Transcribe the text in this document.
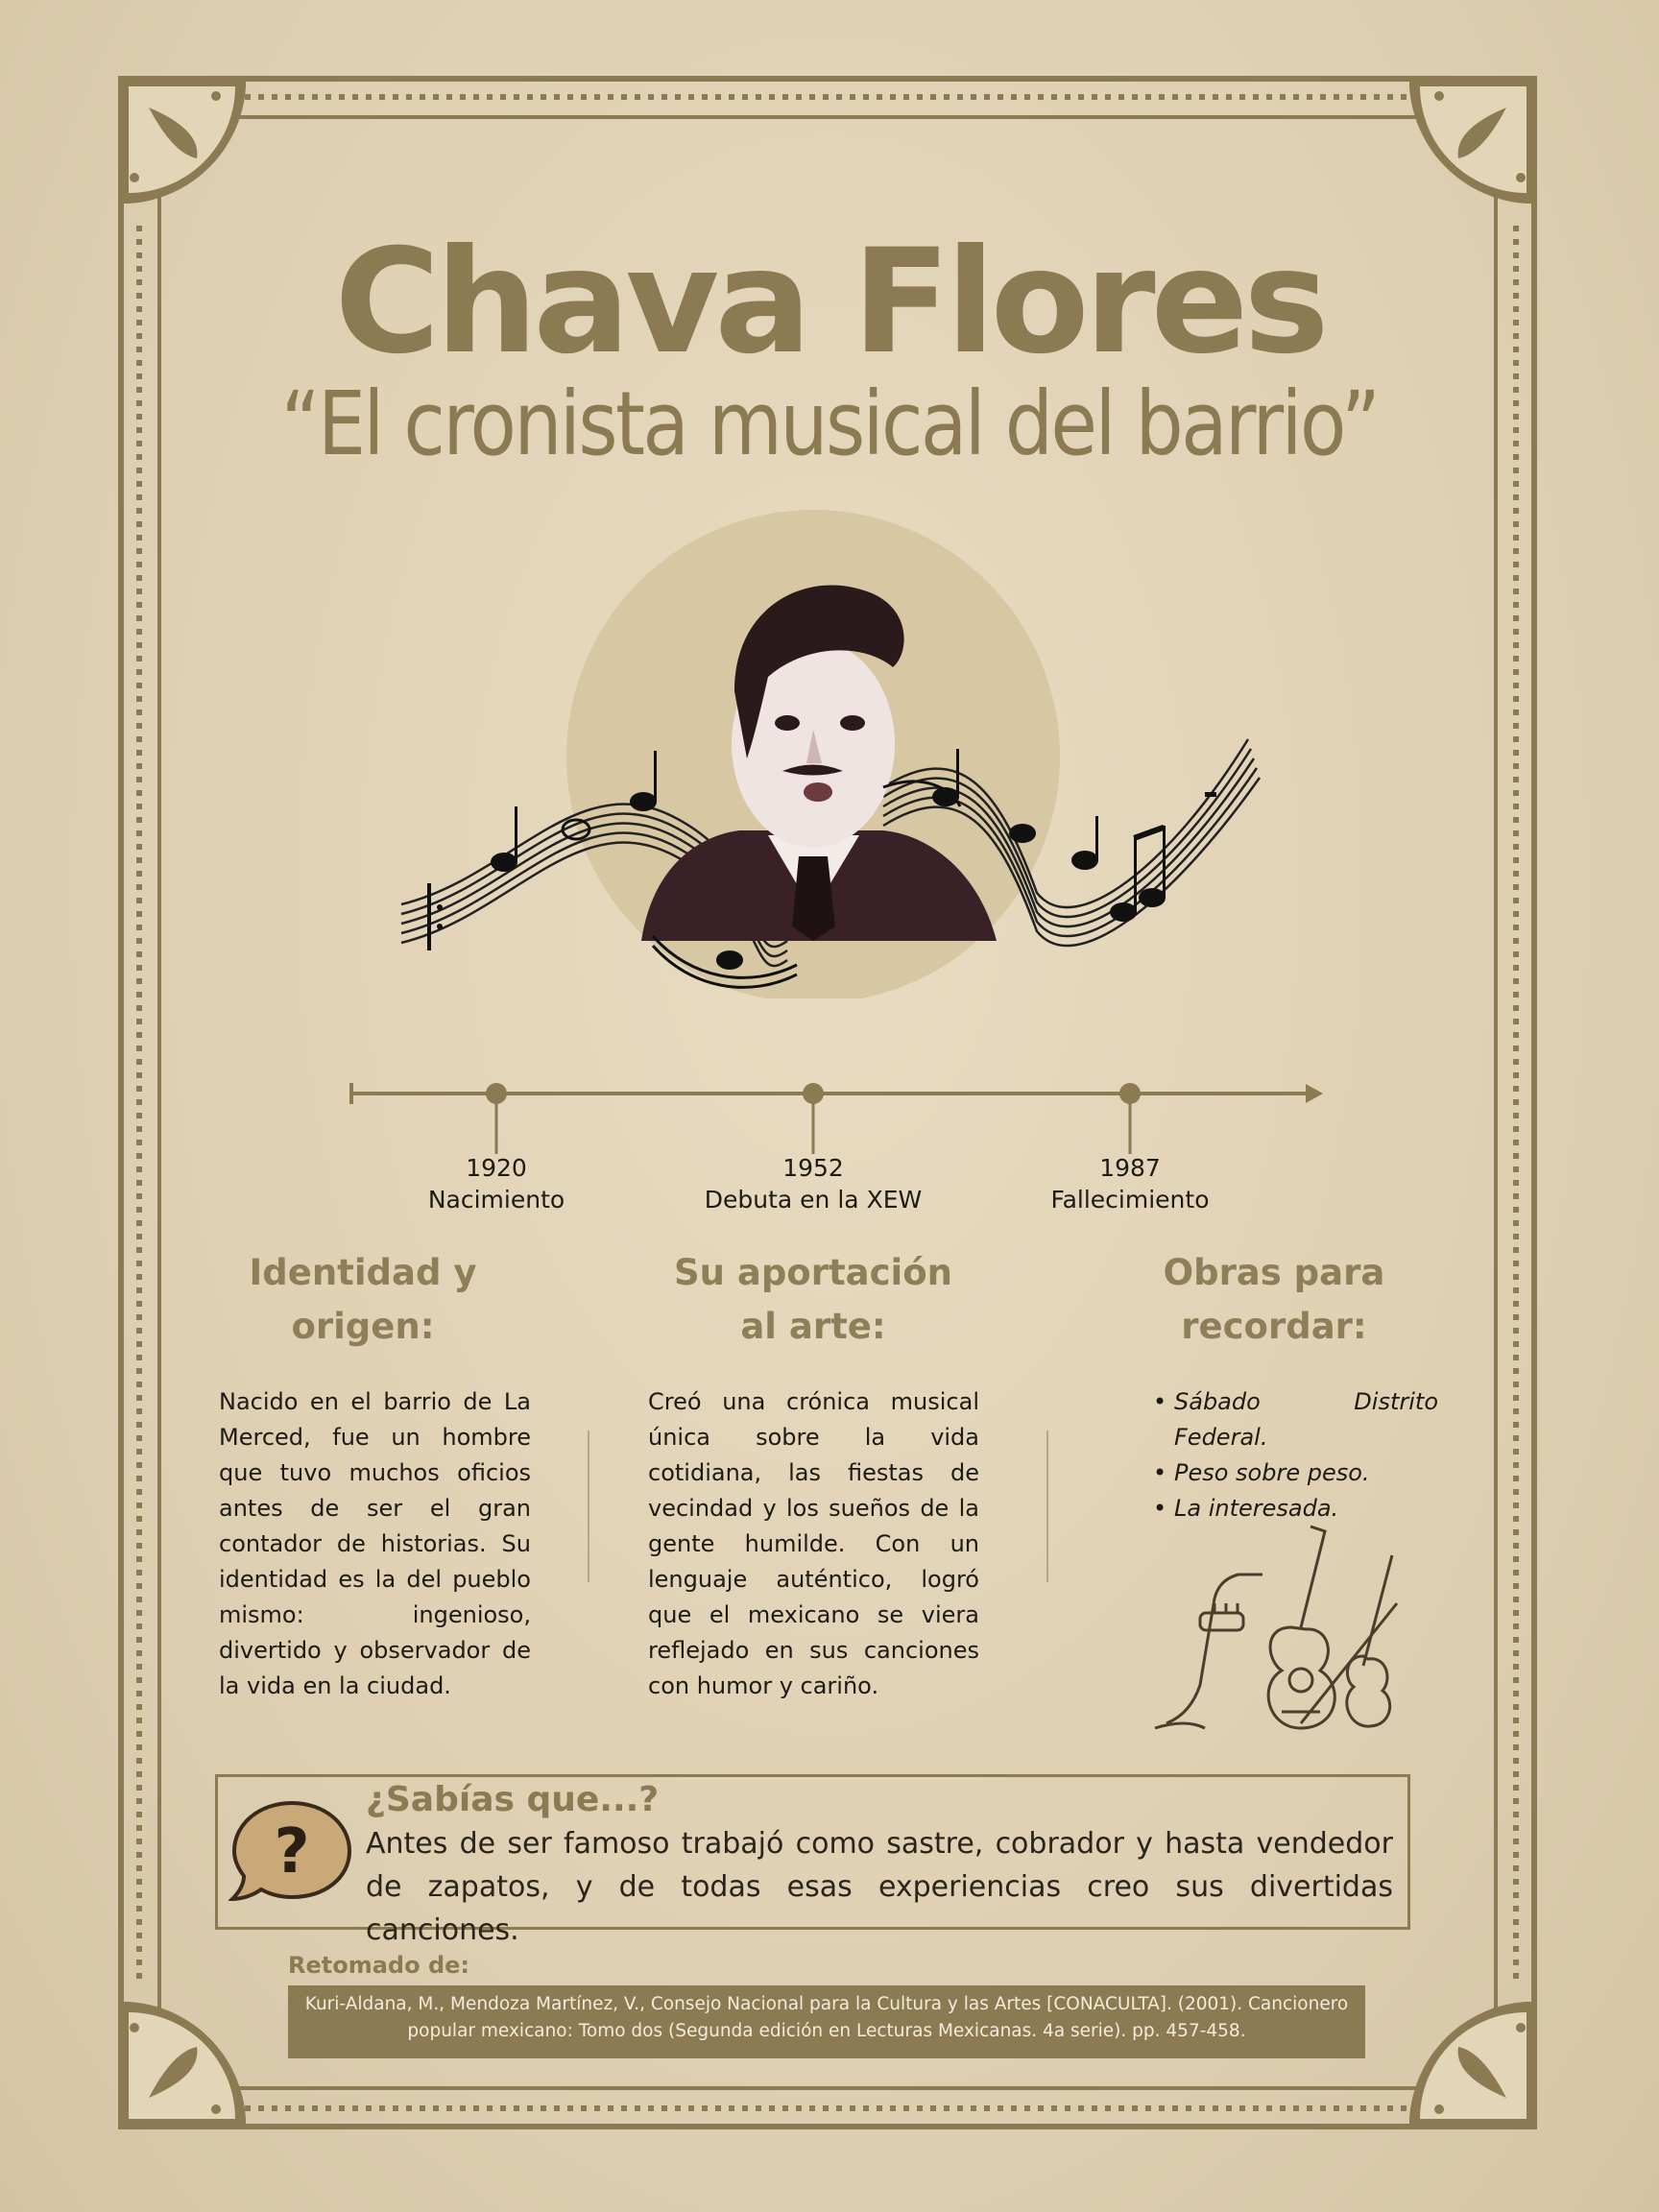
Chava Flores
“El cronista musical del barrio”
1920
Nacimiento
1952
Debuta en la XEW
1987
Fallecimiento
Identidad y
origen:
Nacido en el barrio de La Merced, fue un hombre que tuvo muchos oficios antes de ser el gran contador de historias. Su identidad es la del pueblo mismo: ingenioso, divertido y observador de la vida en la ciudad.
Su aportación
al arte:
Creó una crónica musical única sobre la vida cotidiana, las fiestas de vecindad y los sueños de la gente humilde. Con un lenguaje auténtico, logró que el mexicano se viera reflejado en sus canciones con humor y cariño.
Obras para
recordar:
• Sábado Distrito Federal.
• Peso sobre peso.
• La interesada.
?
¿Sabías que...?
Antes de ser famoso trabajó como sastre, cobrador y hasta vendedor de zapatos, y de todas esas experiencias creo sus divertidas canciones.
Retomado de:
Kuri-Aldana, M., Mendoza Martínez, V., Consejo Nacional para la Cultura y las Artes [CONACULTA]. (2001). Cancionero popular mexicano: Tomo dos (Segunda edición en Lecturas Mexicanas. 4a serie). pp. 457-458.
